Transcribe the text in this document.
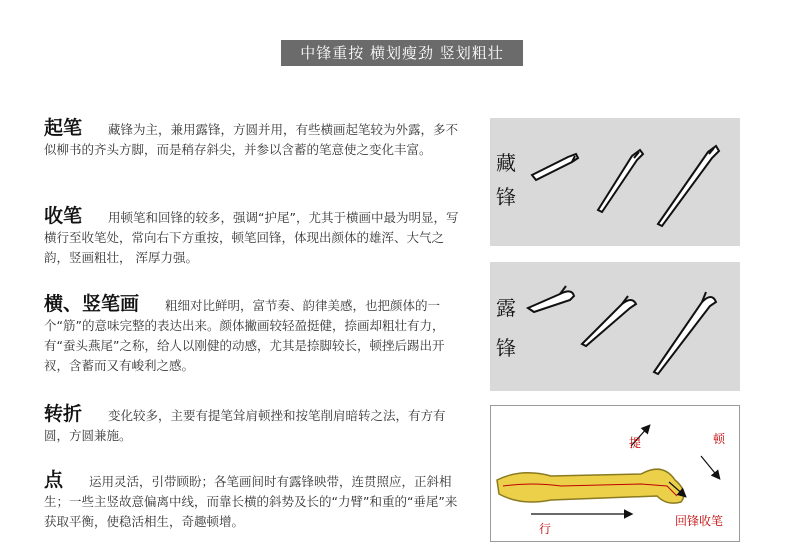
中锋重按 横划瘦劲 竖划粗壮
起笔 藏锋为主，兼用露锋，方圆并用，有些横画起笔较为外露，多不似柳书的齐头方脚，而是稍存斜尖，并参以含蓄的笔意使之变化丰富。
收笔 用顿笔和回锋的较多，强调“护尾”，尤其于横画中最为明显，写横行至收笔处，常向右下方重按，顿笔回锋，体现出颜体的雄浑、大气之韵，竖画粗壮， 浑厚力强。
横、竖笔画 粗细对比鲜明，富节奏、韵律美感，也把颜体的一个“筋”的意味完整的表达出来。颜体撇画较轻盈挺健，捺画却粗壮有力，有“蚕头燕尾”之称，给人以刚健的动感，尤其是捺脚较长，顿挫后踢出开衩，含蓄而又有峻利之感。
转折 变化较多，主要有提笔耸肩顿挫和按笔削肩暗转之法，有方有圆，方圆兼施。
点 运用灵活，引带顾盼；各笔画间时有露锋映带，连贯照应，正斜相生；一些主竖故意偏离中线，而靠长横的斜势及长的“力臂”和重的“垂尾”来获取平衡，使稳活相生，奇趣顿增。
藏锋
露锋
提	顿
行
回锋收笔
